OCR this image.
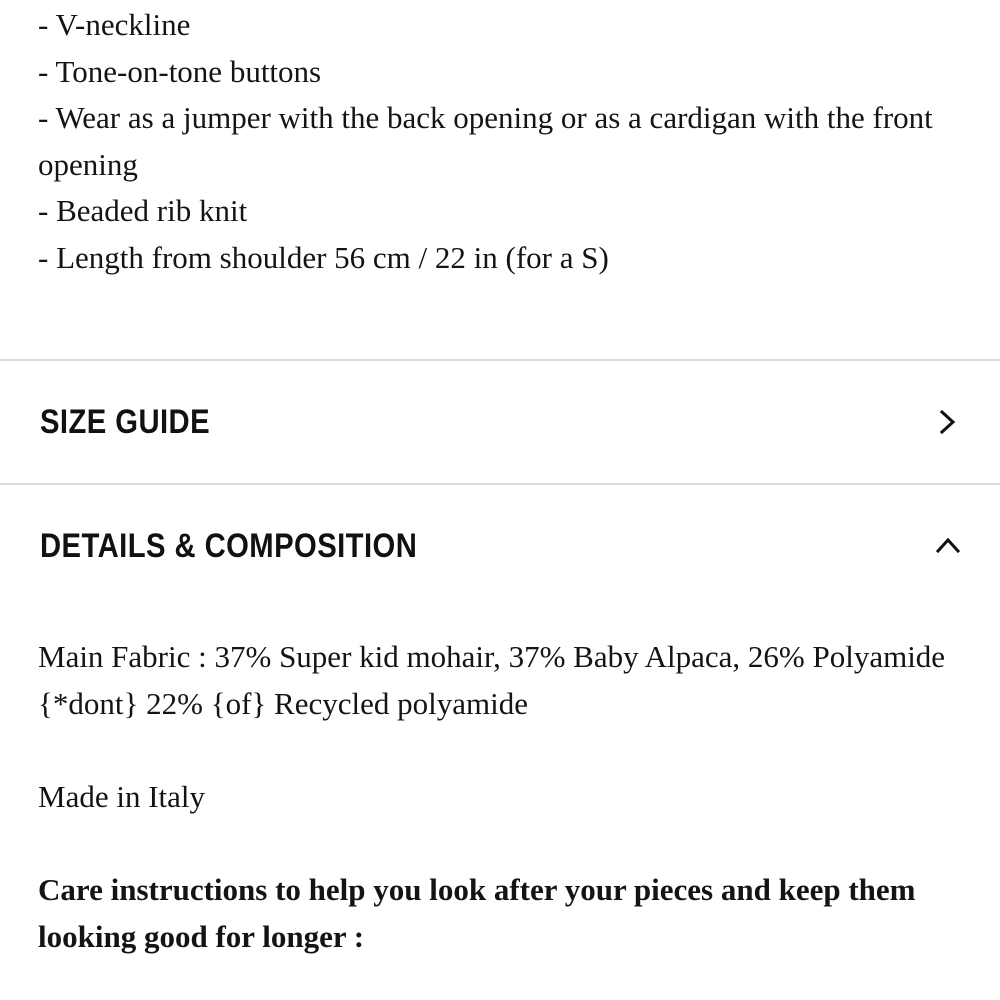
- V-neckline
- Tone-on-tone buttons
- Wear as a jumper with the back opening or as a cardigan with the front opening
- Beaded rib knit
- Length from shoulder 56 cm / 22 in (for a S)
SIZE GUIDE
DETAILS & COMPOSITION

Main Fabric : 37% Super kid mohair, 37% Baby Alpaca, 26% Polyamide

{*dont} 22% {of} Recycled polyamide

Made in Italy

Care instructions to help you look after your pieces and keep them looking good for longer :
